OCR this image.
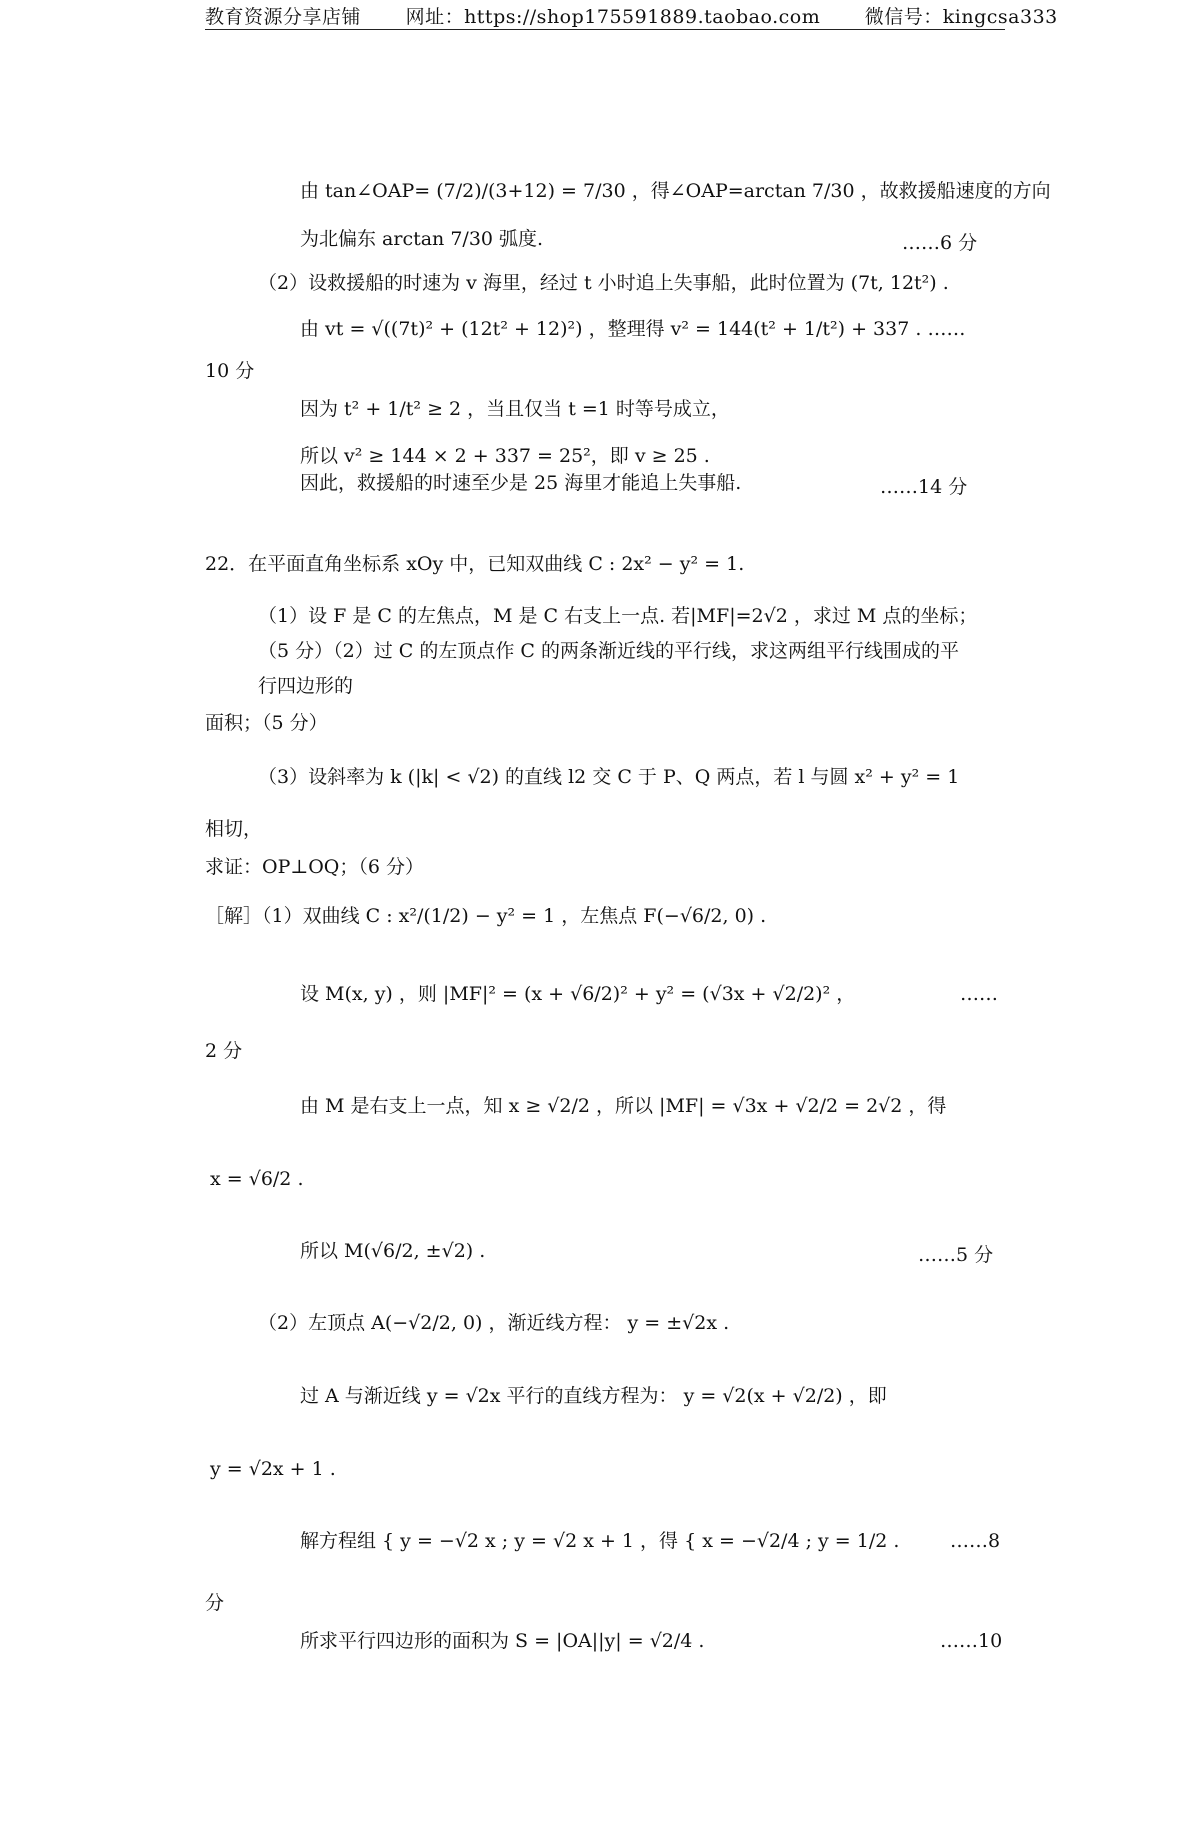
教育资源分享店铺 网址：https://shop175591889.taobao.com 微信号：kingcsa333
由 tan∠OAP= (7/2)/(3+12) = 7/30 ，得∠OAP=arctan 7/30 ，故救援船速度的方向
为北偏东 arctan 7/30 弧度.
（2）设救援船的时速为 v 海里，经过 t 小时追上失事船，此时位置为 (7t, 12t²) .
由 vt = √((7t)² + (12t² + 12)²) ，整理得 v² = 144(t² + 1/t²) + 337 . ……
10 分
因为 t² + 1/t² ≥ 2 ，当且仅当 t =1 时等号成立，
所以 v² ≥ 144 × 2 + 337 = 25²，即 v ≥ 25 .
因此，救援船的时速至少是 25 海里才能追上失事船.
22．在平面直角坐标系 xOy 中，已知双曲线 C : 2x² − y² = 1.
（1）设 F 是 C 的左焦点，M 是 C 右支上一点. 若|MF|=2√2 ，求过 M 点的坐标；
（5 分）（2）过 C 的左顶点作 C 的两条渐近线的平行线，求这两组平行线围成的平
行四边形的
面积；（5 分）
（3）设斜率为 k (|k| < √2) 的直线 l2 交 C 于 P、Q 两点，若 l 与圆 x² + y² = 1
相切，
求证：OP⊥OQ；（6 分）
［解］（1）双曲线 C : x²/(1/2) − y² = 1 ，左焦点 F(−√6/2, 0) .
设 M(x, y) ，则 |MF|² = (x + √6/2)² + y² = (√3x + √2/2)² ，
2 分
由 M 是右支上一点，知 x ≥ √2/2 ，所以 |MF| = √3x + √2/2 = 2√2 ，得
x = √6/2 .
所以 M(√6/2, ±√2) .
（2）左顶点 A(−√2/2, 0) ，渐近线方程： y = ±√2x .
过 A 与渐近线 y = √2x 平行的直线方程为： y = √2(x + √2/2) ，即
y = √2x + 1 .
解方程组 { y = −√2 x ; y = √2 x + 1 ，得 { x = −√2/4 ; y = 1/2 .
分
所求平行四边形的面积为 S = |OA||y| = √2/4 .
……6 分
……14 分
……
……5 分
……8
……10
